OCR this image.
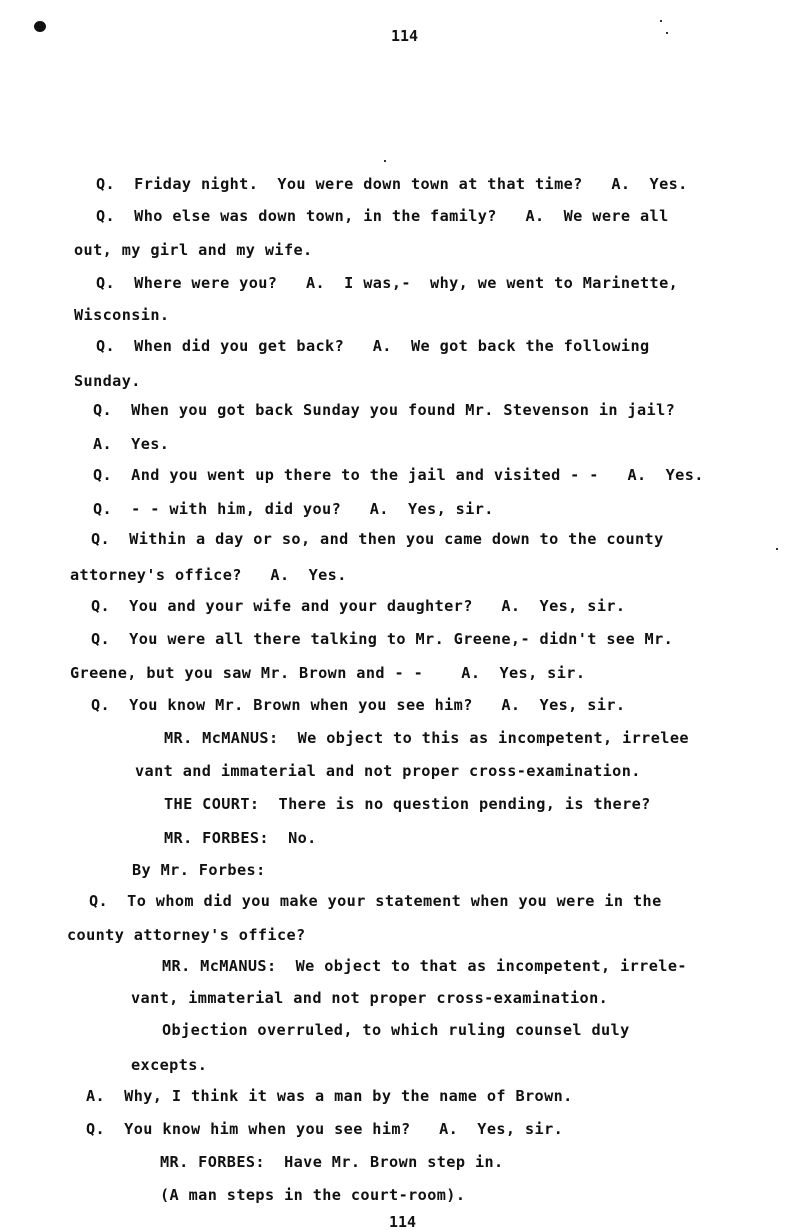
114
Q.  Friday night.  You were down town at that time?   A.  Yes.
Q.  Who else was down town, in the family?   A.  We were all
out, my girl and my wife.
Q.  Where were you?   A.  I was,-  why, we went to Marinette,
Wisconsin.
Q.  When did you get back?   A.  We got back the following
Sunday.
Q.  When you got back Sunday you found Mr. Stevenson in jail?
A.  Yes.
Q.  And you went up there to the jail and visited - -   A.  Yes.
Q.  - - with him, did you?   A.  Yes, sir.
Q.  Within a day or so, and then you came down to the county
attorney's office?   A.  Yes.
Q.  You and your wife and your daughter?   A.  Yes, sir.
Q.  You were all there talking to Mr. Greene,- didn't see Mr.
Greene, but you saw Mr. Brown and - -    A.  Yes, sir.
Q.  You know Mr. Brown when you see him?   A.  Yes, sir.
MR. McMANUS:  We object to this as incompetent, irrelee
vant and immaterial and not proper cross-examination.
THE COURT:  There is no question pending, is there?
MR. FORBES:  No.
By Mr. Forbes:
Q.  To whom did you make your statement when you were in the
county attorney's office?
MR. McMANUS:  We object to that as incompetent, irrele-
vant, immaterial and not proper cross-examination.
Objection overruled, to which ruling counsel duly
excepts.
A.  Why, I think it was a man by the name of Brown.
Q.  You know him when you see him?   A.  Yes, sir.
MR. FORBES:  Have Mr. Brown step in.
(A man steps in the court-room).
114
